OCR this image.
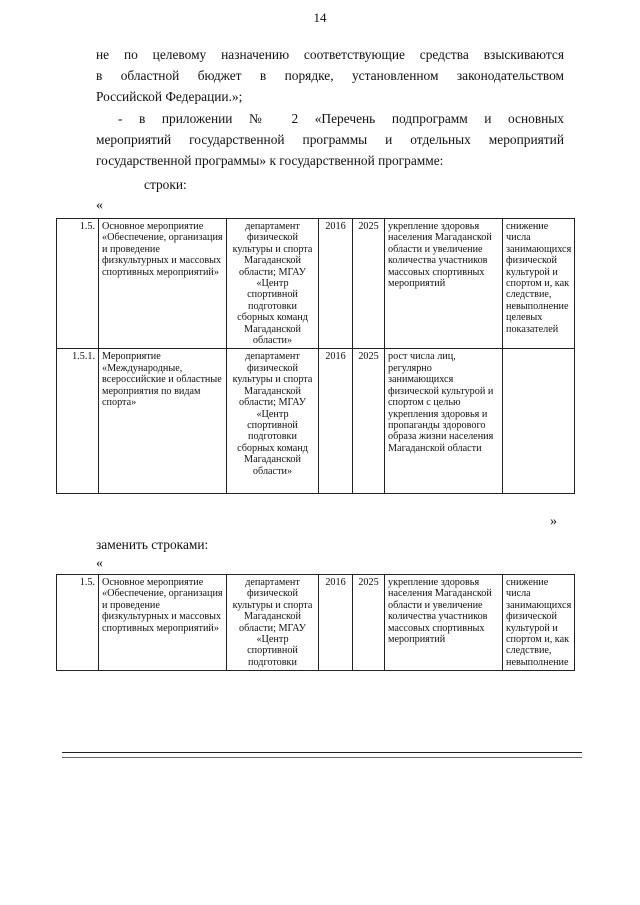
14
не по целевому назначению соответствующие средства взыскиваются
в областной бюджет в порядке, установленном законодательством
Российской Федерации.»;
- в приложении № 2 «Перечень подпрограмм и основных
мероприятий государственной программы и отдельных мероприятий
государственной программы» к государственной программе:
строки:
«
1.5.	Основное мероприятие «Обеспечение, организация и проведение физкультурных и массовых спортивных мероприятий»	департамент физической культуры и спорта Магаданской области; МГАУ «Центр спортивной подготовки сборных команд Магаданской области»	2016	2025	укрепление здоровья населения Магаданской области и увеличение количества участников массовых спортивных мероприятий	снижение числа занимающихся физической культурой и спортом и, как следствие, невыполнение целевых показателей
1.5.1.	Мероприятие «Международные, всероссийские и областные мероприятия по видам спорта»	департамент физической культуры и спорта Магаданской области; МГАУ «Центр спортивной подготовки сборных команд Магаданской области»	2016	2025	рост числа лиц, регулярно занимающихся физической культурой и спортом с целью укрепления здоровья и пропаганды здорового образа жизни населения Магаданской области	
»
заменить строками:
«
1.5.	Основное мероприятие «Обеспечение, организация и проведение физкультурных и массовых спортивных мероприятий»	департамент физической культуры и спорта Магаданской области; МГАУ «Центр спортивной подготовки	2016	2025	укрепление здоровья населения Магаданской области и увеличение количества участников массовых спортивных мероприятий	снижение числа занимающихся физической культурой и спортом и, как следствие, невыполнение
